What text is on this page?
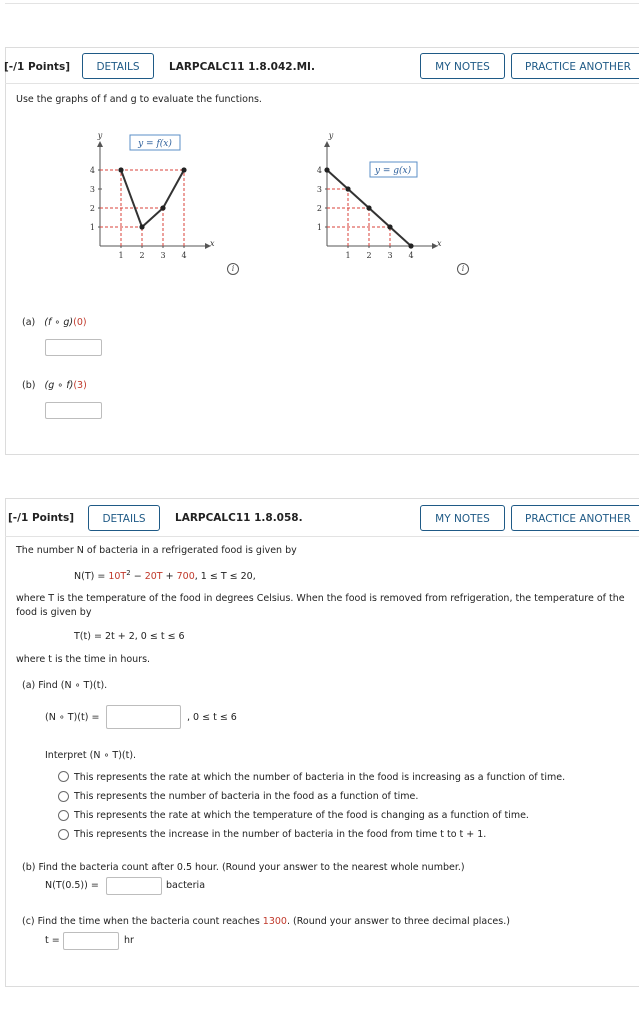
[-/1 Points]	DETAILS	LARPCALC11 1.8.042.MI.	MY NOTES	PRACTICE ANOTHER
Use the graphs of f and g to evaluate the functions.
y
x
1
2
3
4
1 2 3 4
y = f(x)
i
y
x
1
2
3
4
1 2 3 4
y = g(x)
i
(a) (f ∘ g)(0)
(b) (g ∘ f)(3)
[-/1 Points]	DETAILS	LARPCALC11 1.8.058.	MY NOTES	PRACTICE ANOTHER
The number N of bacteria in a refrigerated food is given by
$N(T) = 10T^2 - 20T + 700$, 1 ≤ T ≤ 20,
where T is the temperature of the food in degrees Celsius. When the food is removed from refrigeration, the temperature of the
food is given by
T(t) = 2t + 2, 0 ≤ t ≤ 6
where t is the time in hours.
(a) Find (N ∘ T)(t).
(N ∘ T)(t) =	, 0 ≤ t ≤ 6
Interpret (N ∘ T)(t).
This represents the rate at which the number of bacteria in the food is increasing as a function of time.
This represents the number of bacteria in the food as a function of time.
This represents the rate at which the temperature of the food is changing as a function of time.
This represents the increase in the number of bacteria in the food from time t to t + 1.
(b) Find the bacteria count after 0.5 hour. (Round your answer to the nearest whole number.)
N(T(0.5)) =	bacteria
(c) Find the time when the bacteria count reaches 1300. (Round your answer to three decimal places.)
t =	hr
